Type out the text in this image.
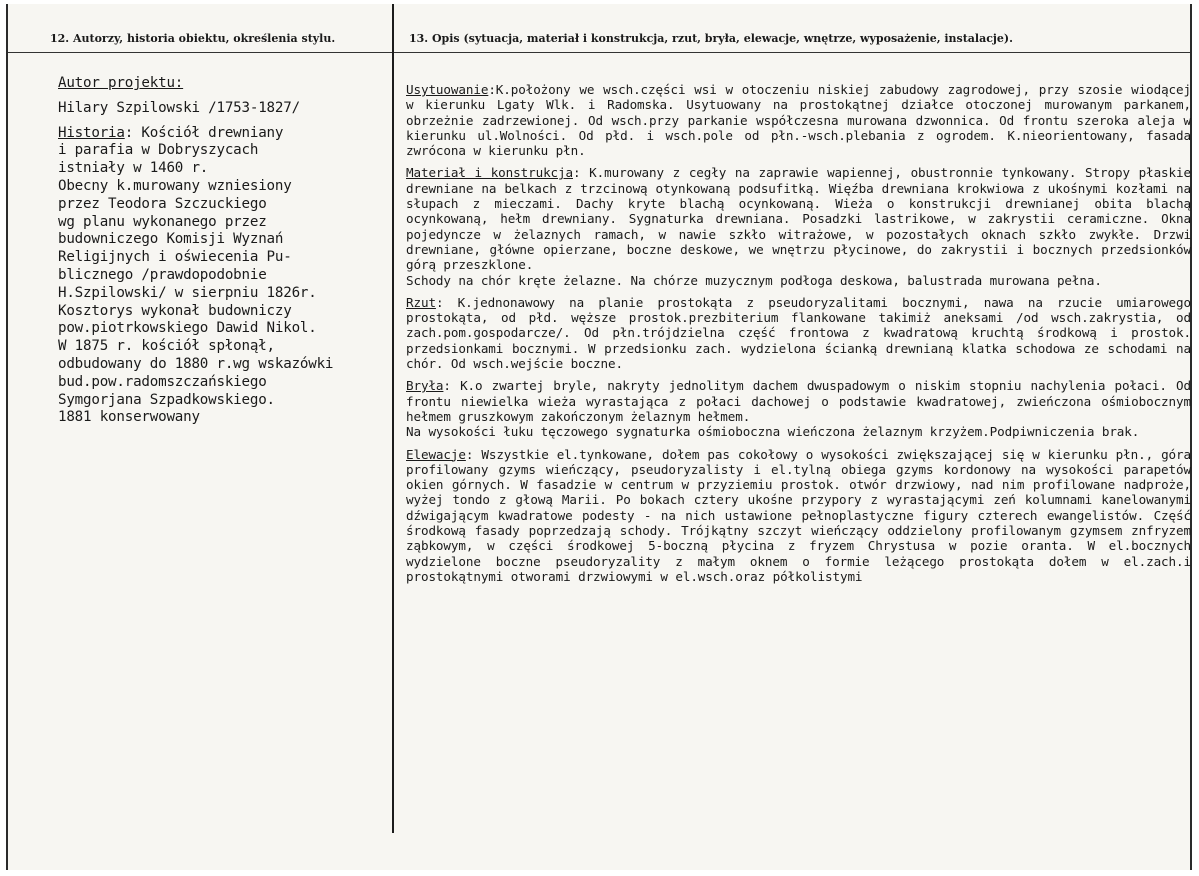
12. Autorzy, historia obiektu, określenia stylu.	13. Opis (sytuacja, materiał i konstrukcja, rzut, bryła, elewacje, wnętrze, wyposażenie, instalacje).
Autor projektu:
Hilary Szpilowski /1753-1827/
Historia: Kościół drewniany
i parafia w Dobryszycach
istniały w 1460 r.
Obecny k.murowany wzniesiony
przez Teodora Szczuckiego
wg planu wykonanego przez
budowniczego Komisji Wyznań
Religijnych i oświecenia Pu-
blicznego /prawdopodobnie
H.Szpilowski/ w sierpniu 1826r.
Kosztorys wykonał budowniczy
pow.piotrkowskiego Dawid Nikol.
W 1875 r. kościół spłonął,
odbudowany do 1880 r.wg wskazówki
bud.pow.radomszczańskiego
Symgorjana Szpadkowskiego.
1881 konserwowany

Usytuowanie:K.położony we wsch.części wsi w otoczeniu niskiej zabudowy zagrodowej, przy szosie wiodącej w kierunku Lgaty Wlk. i Radomska. Usytuowany na prostokątnej działce otoczonej murowanym parkanem, obrzeżnie zadrzewionej. Od wsch.przy parkanie współczesna murowana dzwonnica. Od frontu szeroka aleja w kierunku ul.Wolności. Od płd. i wsch.pole od płn.-wsch.plebania z ogrodem. K.nieorientowany, fasada zwrócona w kierunku płn.

Materiał i konstrukcja: K.murowany z cegły na zaprawie wapiennej, obustronnie tynkowany. Stropy płaskie drewniane na belkach z trzcinową otynkowaną podsufitką. Więźba drewniana krokwiowa z ukośnymi kozłami na słupach z mieczami. Dachy kryte blachą ocynkowaną. Wieża o konstrukcji drewnianej obita blachą ocynkowaną, hełm drewniany. Sygnaturka drewniana. Posadzki lastrikowe, w zakrystii ceramiczne. Okna pojedyncze w żelaznych ramach, w nawie szkło witrażowe, w pozostałych oknach szkło zwykłe. Drzwi drewniane, główne opierzane, boczne deskowe, we wnętrzu płycinowe, do zakrystii i bocznych przedsionków górą przeszklone.

Schody na chór kręte żelazne. Na chórze muzycznym podłoga deskowa, balustrada murowana pełna.

Rzut: K.jednonawowy na planie prostokąta z pseudoryzalitami bocznymi, nawa na rzucie umiarowego prostokąta, od płd. węższe prostok.prezbiterium flankowane takimiż aneksami /od wsch.zakrystia, od zach.pom.gospodarcze/. Od płn.trójdzielna część frontowa z kwadratową kruchtą środkową i prostok. przedsionkami bocznymi. W przedsionku zach. wydzielona ścianką drewnianą klatka schodowa ze schodami na chór. Od wsch.wejście boczne.

Bryła: K.o zwartej bryle, nakryty jednolitym dachem dwuspadowym o niskim stopniu nachylenia połaci. Od frontu niewielka wieża wyrastająca z połaci dachowej o podstawie kwadratowej, zwieńczona ośmiobocznym hełmem gruszkowym zakończonym żelaznym hełmem.

Na wysokości łuku tęczowego sygnaturka ośmioboczna wieńczona żelaznym krzyżem.Podpiwniczenia brak.

Elewacje: Wszystkie el.tynkowane, dołem pas cokołowy o wysokości zwiększającej się w kierunku płn., góra profilowany gzyms wieńczący, pseudoryzalisty i el.tylną obiega gzyms kordonowy na wysokości parapetów okien górnych. W fasadzie w centrum w przyziemiu prostok. otwór drzwiowy, nad nim profilowane nadproże, wyżej tondo z głową Marii. Po bokach cztery ukośne przypory z wyrastającymi zeń kolumnami kanelowanymi dźwigającym kwadratowe podesty - na nich ustawione pełnoplastyczne figury czterech ewangelistów. Część środkową fasady poprzedzają schody. Trójkątny szczyt wieńczący oddzielony profilowanym gzymsem znfryzem ząbkowym, w części środkowej 5-boczną płycina z fryzem Chrystusa w pozie oranta. W el.bocznych wydzielone boczne pseudoryzality z małym oknem o formie leżącego prostokąta dołem w el.zach.i prostokątnymi otworami drzwiowymi w el.wsch.oraz półkolistymi
